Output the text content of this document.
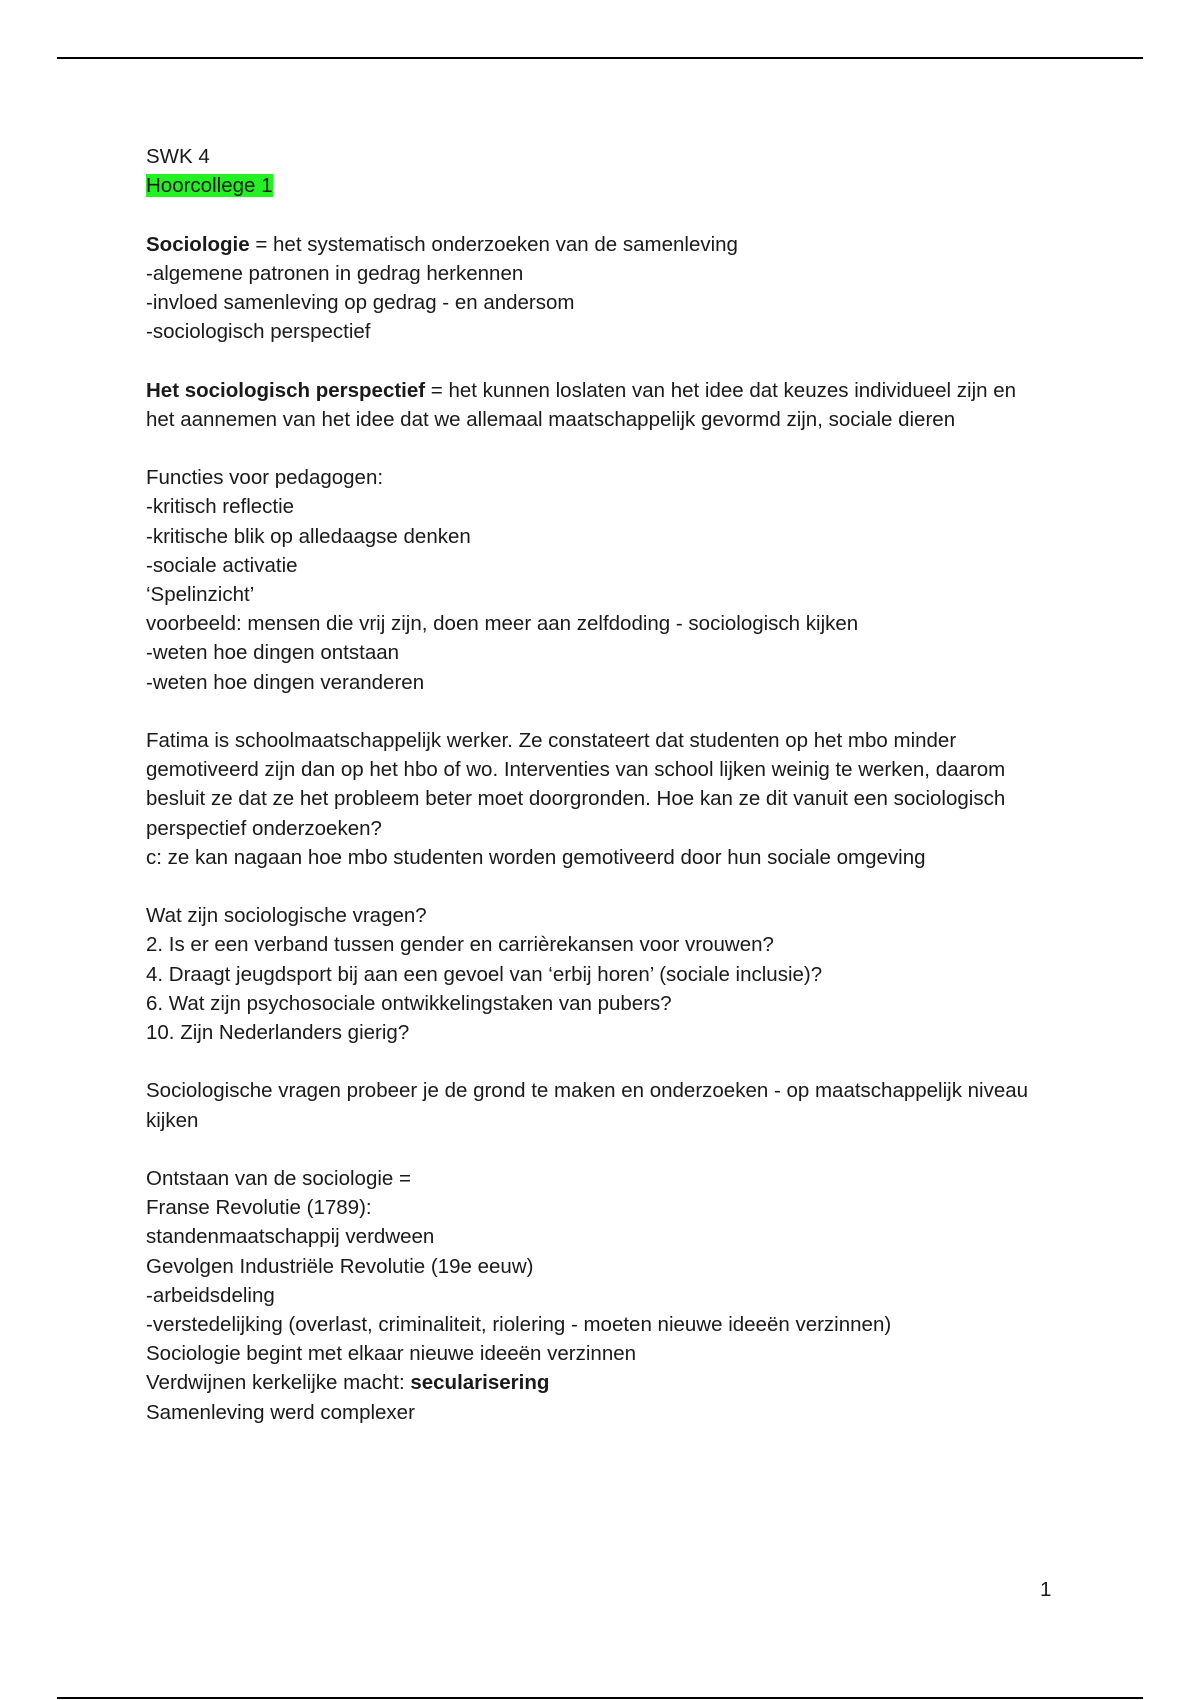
SWK 4
Hoorcollege 1
Sociologie = het systematisch onderzoeken van de samenleving
-algemene patronen in gedrag herkennen
-invloed samenleving op gedrag - en andersom
-sociologisch perspectief
Het sociologisch perspectief = het kunnen loslaten van het idee dat keuzes individueel zijn en het aannemen van het idee dat we allemaal maatschappelijk gevormd zijn, sociale dieren
Functies voor pedagogen:
-kritisch reflectie
-kritische blik op alledaagse denken
-sociale activatie
‘Spelinzicht’
voorbeeld: mensen die vrij zijn, doen meer aan zelfdoding - sociologisch kijken
-weten hoe dingen ontstaan
-weten hoe dingen veranderen
Fatima is schoolmaatschappelijk werker. Ze constateert dat studenten op het mbo minder gemotiveerd zijn dan op het hbo of wo. Interventies van school lijken weinig te werken, daarom besluit ze dat ze het probleem beter moet doorgronden. Hoe kan ze dit vanuit een sociologisch perspectief onderzoeken?
c: ze kan nagaan hoe mbo studenten worden gemotiveerd door hun sociale omgeving
Wat zijn sociologische vragen?
2. Is er een verband tussen gender en carrièrekansen voor vrouwen?
4. Draagt jeugdsport bij aan een gevoel van ‘erbij horen’ (sociale inclusie)?
6. Wat zijn psychosociale ontwikkelingstaken van pubers?
10. Zijn Nederlanders gierig?
Sociologische vragen probeer je de grond te maken en onderzoeken - op maatschappelijk niveau kijken
Ontstaan van de sociologie =
Franse Revolutie (1789):
standenmaatschappij verdween
Gevolgen Industriële Revolutie (19e eeuw)
-arbeidsdeling
-verstedelijking (overlast, criminaliteit, riolering - moeten nieuwe ideeën verzinnen)
Sociologie begint met elkaar nieuwe ideeën verzinnen
Verdwijnen kerkelijke macht: secularisering
Samenleving werd complexer
1
